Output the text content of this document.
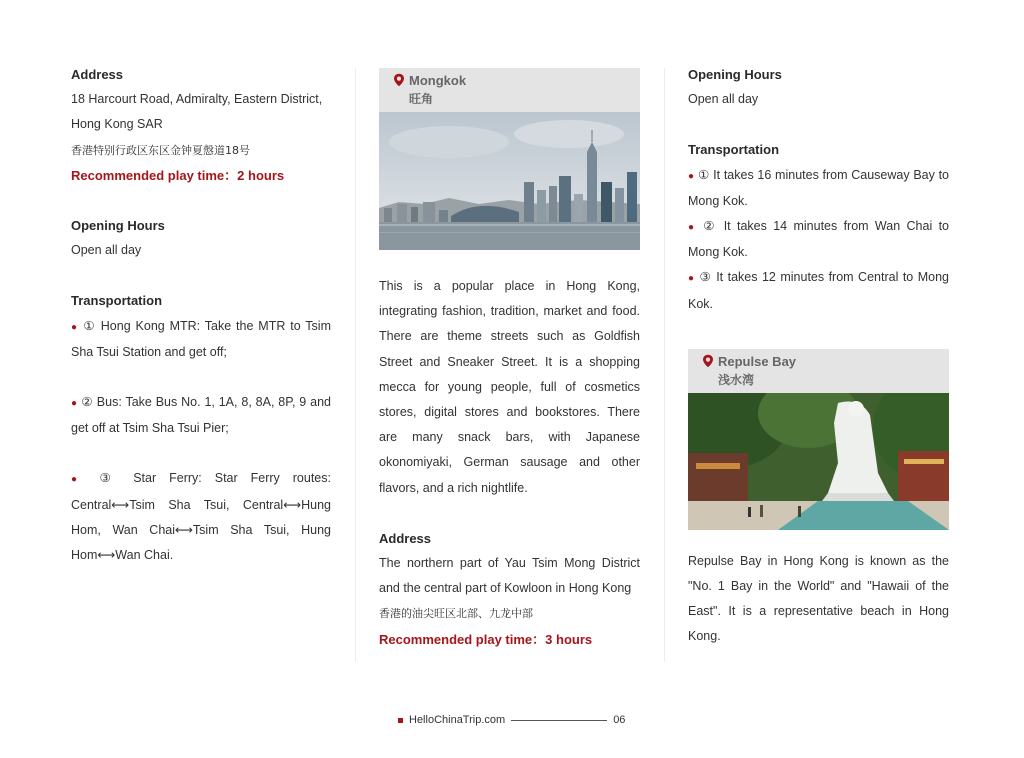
Address

18 Harcourt Road, Admiralty, Eastern District,

Hong Kong SAR

香港特别行政区东区金钟夏慤道18号

Recommended play time：2 hours

Opening Hours

Open all day

Transportation

● ① Hong Kong MTR: Take the MTR to Tsim Sha Tsui Station and get off;

● ② Bus: Take Bus No. 1, 1A, 8, 8A, 8P, 9 and get off at Tsim Sha Tsui Pier;

● ③ Star Ferry: Star Ferry routes: Central⟷Tsim Sha Tsui, Central⟷Hung Hom, Wan Chai⟷Tsim Sha Tsui, Hung Hom⟷Wan Chai.

Mongkok
旺角

This is a popular place in Hong Kong, integrating fashion, tradition, market and food. There are theme streets such as Goldfish Street and Sneaker Street. It is a shopping mecca for young people, full of cosmetics stores, digital stores and bookstores. There are many snack bars, with Japanese okonomiyaki, German sausage and other flavors, and a rich nightlife.

Address

The northern part of Yau Tsim Mong District and the central part of Kowloon in Hong Kong

香港的油尖旺区北部、九龙中部

Recommended play time：3 hours

Opening Hours

Open all day

Transportation

● ① It takes 16 minutes from Causeway Bay to Mong Kok.

● ② It takes 14 minutes from Wan Chai to Mong Kok.

● ③ It takes 12 minutes from Central to Mong Kok.

Repulse Bay
浅水湾

Repulse Bay in Hong Kong is known as the "No. 1 Bay in the World" and "Hawaii of the East". It is a representative beach in Hong Kong.

HelloChinaTrip.com	06
